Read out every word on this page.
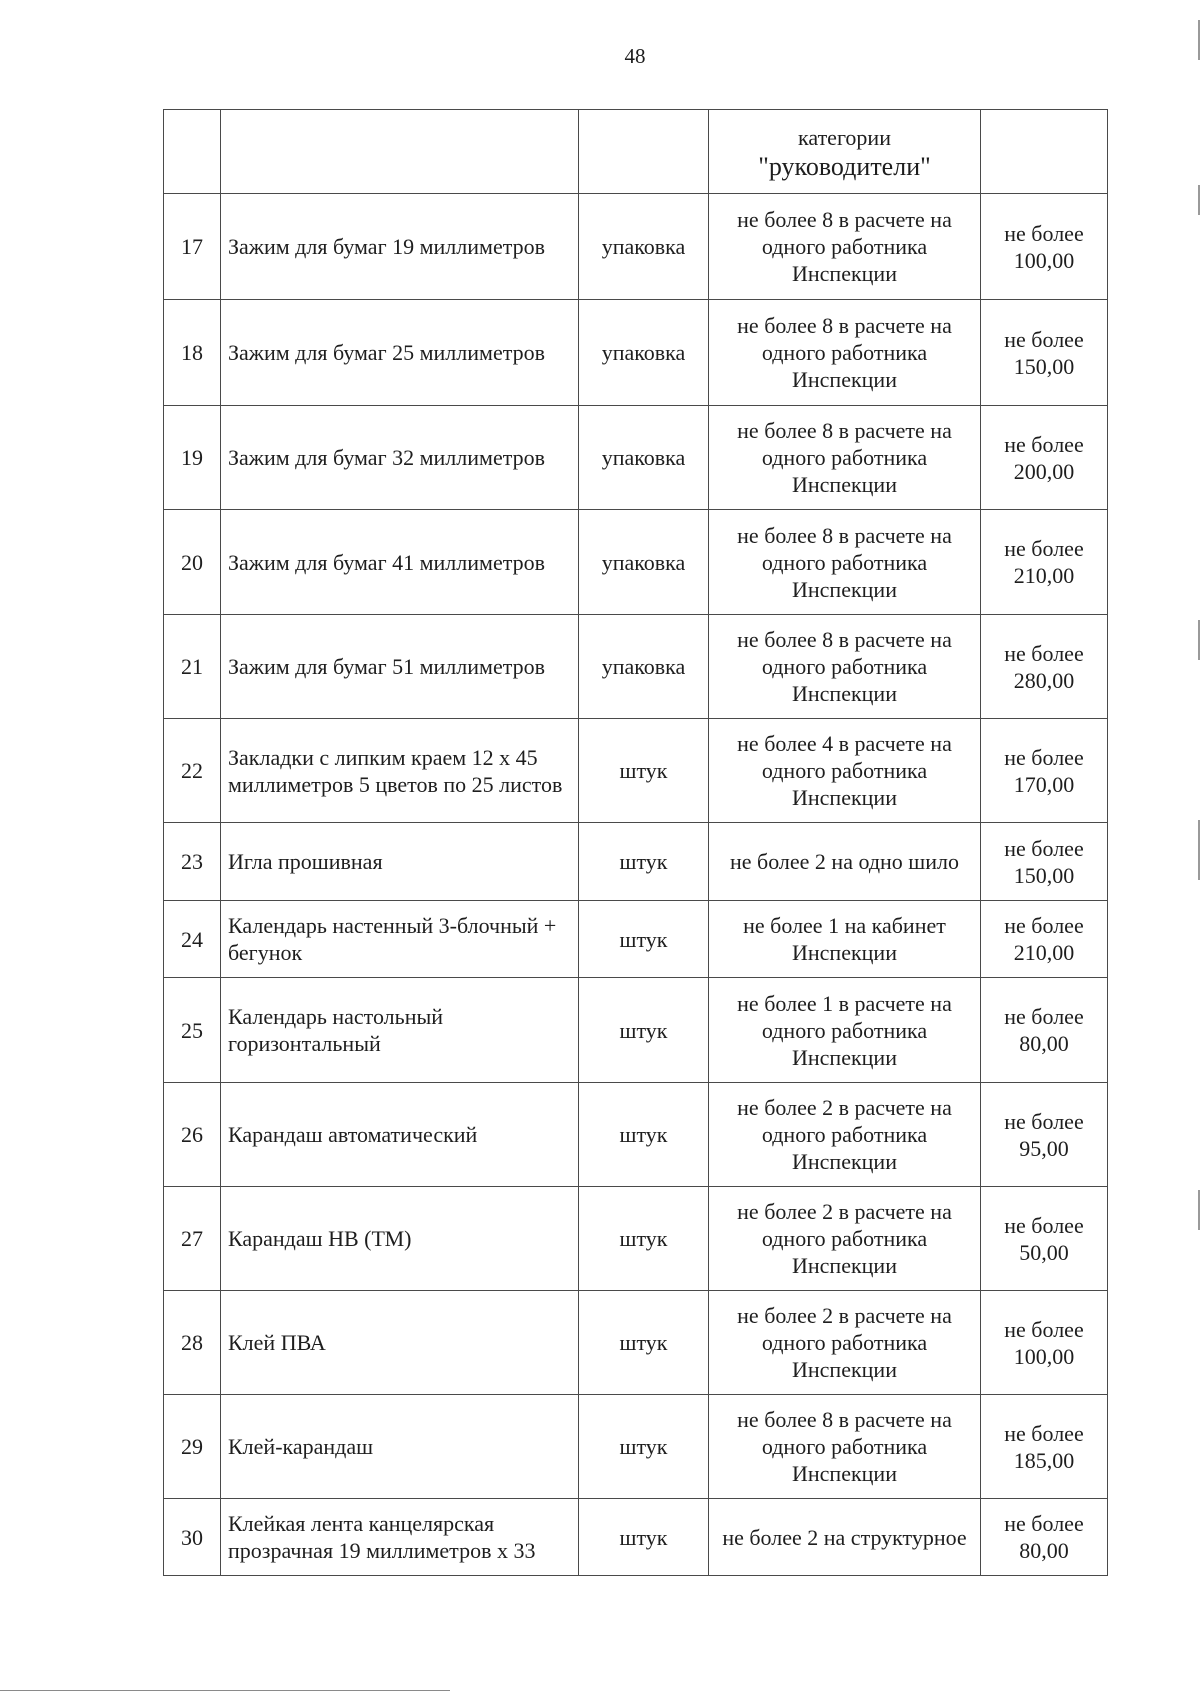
48
			категории
"руководители"	

17	Зажим для бумаг 19 миллиметров	упаковка	не более 8 в расчете на одного работника Инспекции	не более 100,00
18	Зажим для бумаг 25 миллиметров	упаковка	не более 8 в расчете на одного работника Инспекции	не более 150,00
19	Зажим для бумаг 32 миллиметров	упаковка	не более 8 в расчете на одного работника Инспекции	не более 200,00
20	Зажим для бумаг 41 миллиметров	упаковка	не более 8 в расчете на одного работника Инспекции	не более 210,00
21	Зажим для бумаг 51 миллиметров	упаковка	не более 8 в расчете на одного работника Инспекции	не более 280,00
22	Закладки с липким краем 12 х 45 миллиметров 5 цветов по 25 листов	штук	не более 4 в расчете на одного работника Инспекции	не более 170,00
23	Игла прошивная	штук	не более 2 на одно шило	не более 150,00
24	Календарь настенный 3-блочный + бегунок	штук	не более 1 на кабинет Инспекции	не более 210,00
25	Календарь настольный горизонтальный	штук	не более 1 в расчете на одного работника Инспекции	не более 80,00
26	Карандаш автоматический	штук	не более 2 в расчете на одного работника Инспекции	не более 95,00
27	Карандаш НВ (ТМ)	штук	не более 2 в расчете на одного работника Инспекции	не более 50,00
28	Клей ПВА	штук	не более 2 в расчете на одного работника Инспекции	не более 100,00
29	Клей-карандаш	штук	не более 8 в расчете на одного работника Инспекции	не более 185,00
30	Клейкая лента канцелярская прозрачная 19 миллиметров х 33	штук	не более 2 на структурное	не более 80,00
